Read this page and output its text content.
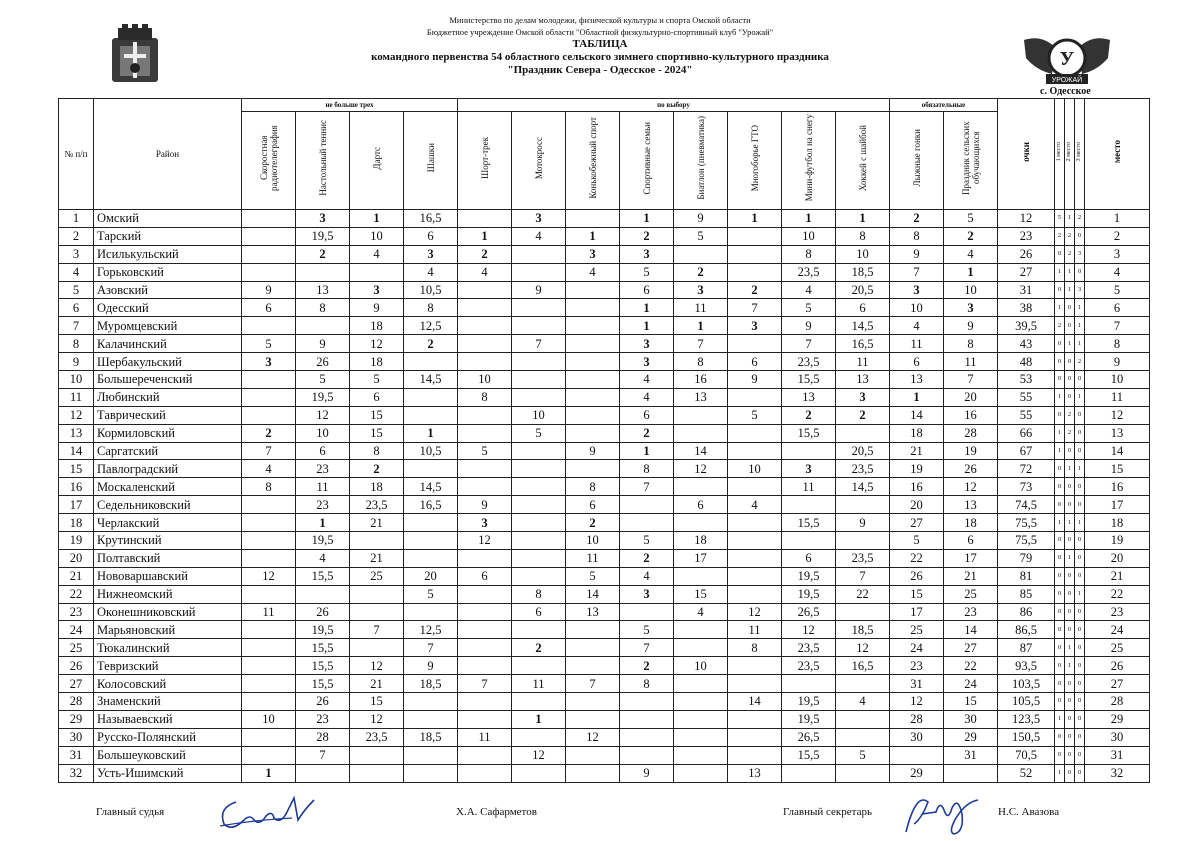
Министерство по делам молодежи, физической культуры и спорта Омской области
Бюджетное учреждение Омской области "Областной физкультурно-спортивный клуб "Урожай"
ТАБЛИЦА
командного первенства 54 областного сельского зимнего спортивно-культурного праздника
"Праздник Севера - Одесское - 2024"	У
УРОЖАЙ
с. Одесское
№ п/п	Район	не больше трех				по выбору								обязательные		очки	1 место	2 место	3 место	место
		Скоростная радиотелеграфия	Настольный теннис	Дартс	Шашки	Шорт-трек	Мотокросс	Конькобежный спорт	Спортивные семьи	Биатлон (пневматика)	Многоборье ГТО	Мини-футбол на снегу	Хоккей с шайбой	Лыжные гонки	Праздник сельских обучающихся					
1	Омский		3	1	16,5		3		1	9	1	1	1	2	5	12	5	1	2	1
2	Тарский		19,5	10	6	1	4	1	2	5		10	8	8	2	23	2	2	0	2
3	Исилькульский		2	4	3	2		3	3			8	10	9	4	26	0	2	3	3
4	Горьковский				4	4		4	5	2		23,5	18,5	7	1	27	1	1	0	4
5	Азовский	9	13	3	10,5		9		6	3	2	4	20,5	3	10	31	0	1	3	5
6	Одесский	6	8	9	8				1	11	7	5	6	10	3	38	1	0	1	6
7	Муромцевский			18	12,5				1	1	3	9	14,5	4	9	39,5	2	0	1	7
8	Калачинский	5	9	12	2		7		3	7		7	16,5	11	8	43	0	1	1	8
9	Шербакульский	3	26	18					3	8	6	23,5	11	6	11	48	0	0	2	9
10	Большереченский		5	5	14,5	10			4	16	9	15,5	13	13	7	53	0	0	0	10
11	Любинский		19,5	6		8			4	13		13	3	1	20	55	1	0	1	11
12	Таврический		12	15			10		6		5	2	2	14	16	55	0	2	0	12
13	Кормиловский	2	10	15	1		5		2			15,5		18	28	66	1	2	0	13
14	Саргатский	7	6	8	10,5	5		9	1	14			20,5	21	19	67	1	0	0	14
15	Павлоградский	4	23	2					8	12	10	3	23,5	19	26	72	0	1	1	15
16	Москаленский	8	11	18	14,5			8	7			11	14,5	16	12	73	0	0	0	16
17	Седельниковский		23	23,5	16,5	9		6		6	4			20	13	74,5	0	0	0	17
18	Черлакский		1	21		3		2				15,5	9	27	18	75,5	1	1	1	18
19	Крутинский		19,5			12		10	5	18				5	6	75,5	0	0	0	19
20	Полтавский		4	21				11	2	17		6	23,5	22	17	79	0	1	0	20
21	Нововаршавский	12	15,5	25	20	6		5	4			19,5	7	26	21	81	0	0	0	21
22	Нижнеомский				5		8	14	3	15		19,5	22	15	25	85	0	0	1	22
23	Оконешниковский	11	26				6	13		4	12	26,5		17	23	86	0	0	0	23
24	Марьяновский		19,5	7	12,5				5		11	12	18,5	25	14	86,5	0	0	0	24
25	Тюкалинский		15,5		7		2		7		8	23,5	12	24	27	87	0	1	0	25
26	Тевризский		15,5	12	9				2	10		23,5	16,5	23	22	93,5	0	1	0	26
27	Колосовский		15,5	21	18,5	7	11	7	8					31	24	103,5	0	0	0	27
28	Знаменский		26	15							14	19,5	4	12	15	105,5	0	0	0	28
29	Называевский	10	23	12			1					19,5		28	30	123,5	1	0	0	29
30	Русско-Полянский		28	23,5	18,5	11		12				26,5		30	29	150,5	0	0	0	30
31	Большеуковский		7				12					15,5	5		31	70,5	0	0	0	31
32	Усть-Ишимский	1							9		13			29		52	1	0	0	32
Главный судья	Х.А. Сафарметов	Главный секретарь	Н.С. Авазова
